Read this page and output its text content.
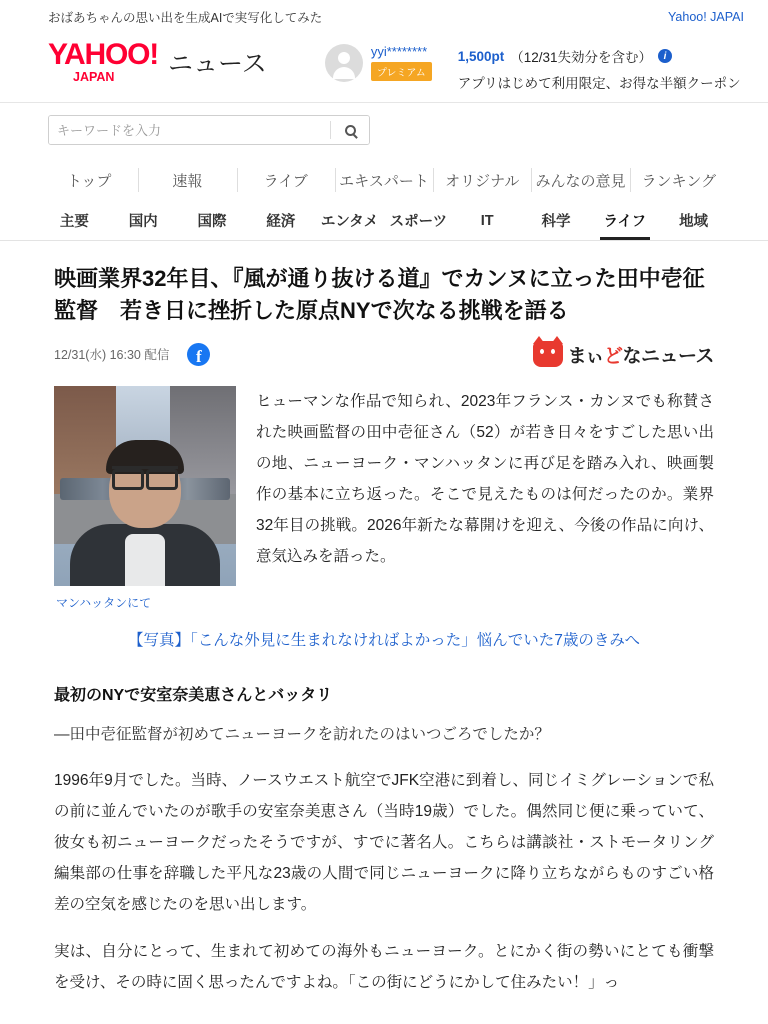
おばあちゃんの思い出を生成AIで実写化してみた	Yahoo! JAPAI
YAHOO!
JAPAN ニュース	yyi********
プレミアム
1,500pt （12/31失効分を含む）	i
アプリはじめて利用限定、お得な半額クーポン
キーワードを入力
トップ	速報	ライブ	エキスパート	オリジナル	みんなの意見	ランキング
主要	国内	国際	経済	エンタメ スポーツ	IT	科学	ライフ	地域
映画業界32年目、『風が通り抜ける道』でカンヌに立った田中壱征監督　若き日に挫折した原点NYで次なる挑戦を語る
12/31(水) 16:30 配信	f	まぃどなニュース
マンハッタンにて
ヒューマンな作品で知られ、2023年フランス・カンヌでも称賛された映画監督の田中壱征さん（52）が若き日々をすごした思い出の地、ニューヨーク・マンハッタンに再び足を踏み入れ、映画製作の基本に立ち返った。そこで見えたものは何だったのか。業界32年目の挑戦。2026年新たな幕開けを迎え、今後の作品に向け、意気込みを語った。
【写真】「こんな外見に生まれなければよかった」悩んでいた7歳のきみへ
最初のNYで安室奈美恵さんとバッタリ

―田中壱征監督が初めてニューヨークを訪れたのはいつごろでしたか？

1996年9月でした。当時、ノースウエスト航空でJFK空港に到着し、同じイミグレーションで私の前に並んでいたのが歌手の安室奈美恵さん（当時19歳）でした。偶然同じ便に乗っていて、彼女も初ニューヨークだったそうですが、すでに著名人。こちらは講談社・ストモータリング編集部の仕事を辞職した平凡な23歳の人間で同じニューヨークに降り立ちながらものすごい格差の空気を感じたのを思い出します。

実は、自分にとって、生まれて初めての海外もニューヨーク。とにかく街の勢いにとても衝撃を受け、その時に固く思ったんですよね。「この街にどうにかして住みたい！」っ
